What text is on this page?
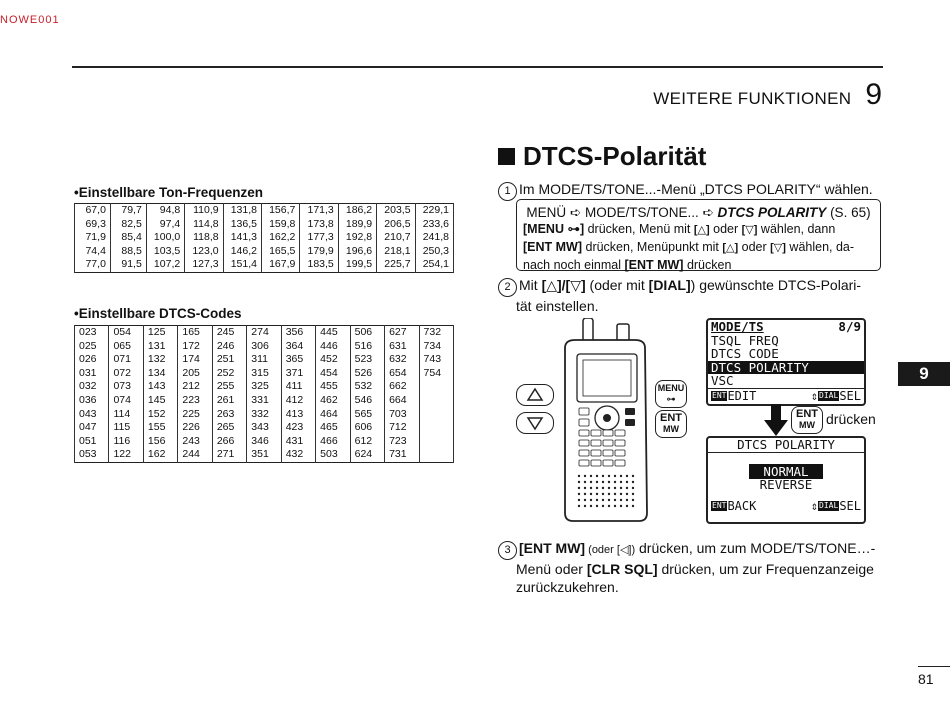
NOWE001
WEITERE FUNKTIONEN 9
9
81
•Einstellbare Ton-Frequenzen
67,0	79,7	94,8	110,9	131,8	156,7	171,3	186,2	203,5	229,1
69,3	82,5	97,4	114,8	136,5	159,8	173,8	189,9	206,5	233,6
71,9	85,4	100,0	118,8	141,3	162,2	177,3	192,8	210,7	241,8
74,4	88,5	103,5	123,0	146,2	165,5	179,9	196,6	218,1	250,3
77,0	91,5	107,2	127,3	151,4	167,9	183,5	199,5	225,7	254,1
•Einstellbare DTCS-Codes
023	054	125	165	245	274	356	445	506	627	732
025	065	131	172	246	306	364	446	516	631	734
026	071	132	174	251	311	365	452	523	632	743
031	072	134	205	252	315	371	454	526	654	754
032	073	143	212	255	325	411	455	532	662	
036	074	145	223	261	331	412	462	546	664	
043	114	152	225	263	332	413	464	565	703	
047	115	155	226	265	343	423	465	606	712	
051	116	156	243	266	346	431	466	612	723	
053	122	162	244	271	351	432	503	624	731	
DTCS-Polarität
1 Im MODE/TS/TONE...-Menü „DTCS POLARITY“ wählen.
MENÜ ➪ MODE/TS/TONE... ➪ DTCS POLARITY (S. 65)
[MENU ⊶] drücken, Menü mit [△] oder [▽] wählen, dann
[ENT MW] drücken, Menüpunkt mit [△] oder [▽] wählen, da-
nach noch einmal [ENT MW] drücken
2 Mit [△]/[▽] (oder mit [DIAL]) gewünschte DTCS-Polari-
tät einstellen.
MENU
⊶
ENT
MW
MODE/TS	8/9
TSQL FREQ
DTCS CODE
DTCS POLARITY
VSC
ENTEDIT	⇕DIALSEL
ENT
MW drücken
DTCS POLARITY
NORMAL
REVERSE
ENTBACK	⇕DIALSEL
3 [ENT MW] (oder [◁]) drücken, um zum MODE/TS/TONE…-
Menü oder [CLR SQL] drücken, um zur Frequenzanzeige
zurückzukehren.
